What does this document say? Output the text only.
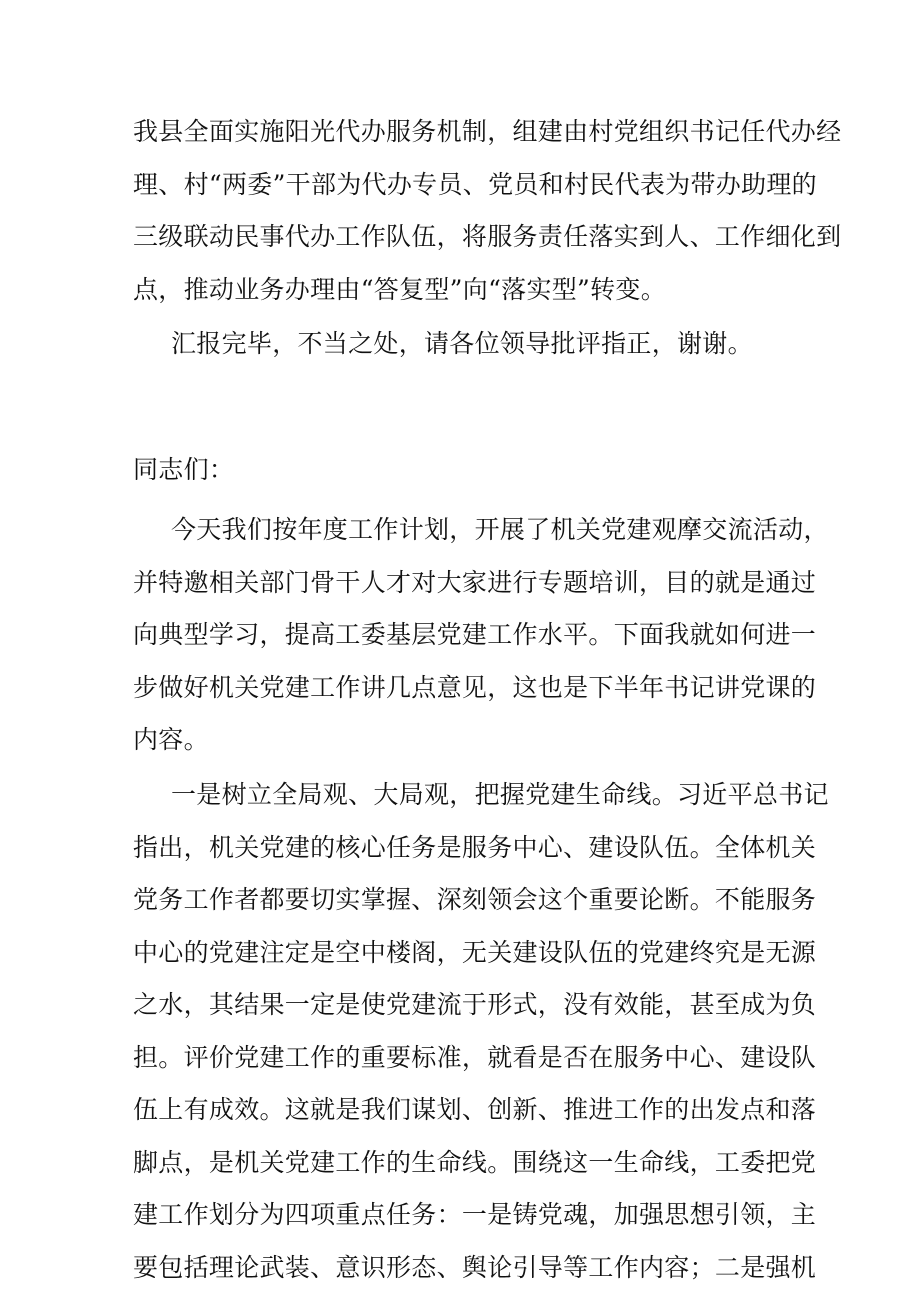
我县全面实施阳光代办服务机制，组建由村党组织书记任代办经
理、村“两委”干部为代办专员、党员和村民代表为带办助理的
三级联动民事代办工作队伍，将服务责任落实到人、工作细化到
点，推动业务办理由“答复型”向“落实型”转变。
汇报完毕，不当之处，请各位领导批评指正，谢谢。
同志们：
今天我们按年度工作计划，开展了机关党建观摩交流活动，
并特邀相关部门骨干人才对大家进行专题培训，目的就是通过
向典型学习，提高工委基层党建工作水平。下面我就如何进一
步做好机关党建工作讲几点意见，这也是下半年书记讲党课的
内容。
一是树立全局观、大局观，把握党建生命线。习近平总书记
指出，机关党建的核心任务是服务中心、建设队伍。全体机关
党务工作者都要切实掌握、深刻领会这个重要论断。不能服务
中心的党建注定是空中楼阁，无关建设队伍的党建终究是无源
之水，其结果一定是使党建流于形式，没有效能，甚至成为负
担。评价党建工作的重要标准，就看是否在服务中心、建设队
伍上有成效。这就是我们谋划、创新、推进工作的出发点和落
脚点，是机关党建工作的生命线。围绕这一生命线，工委把党
建工作划分为四项重点任务：一是铸党魂，加强思想引领，主
要包括理论武装、意识形态、舆论引导等工作内容；二是强机
